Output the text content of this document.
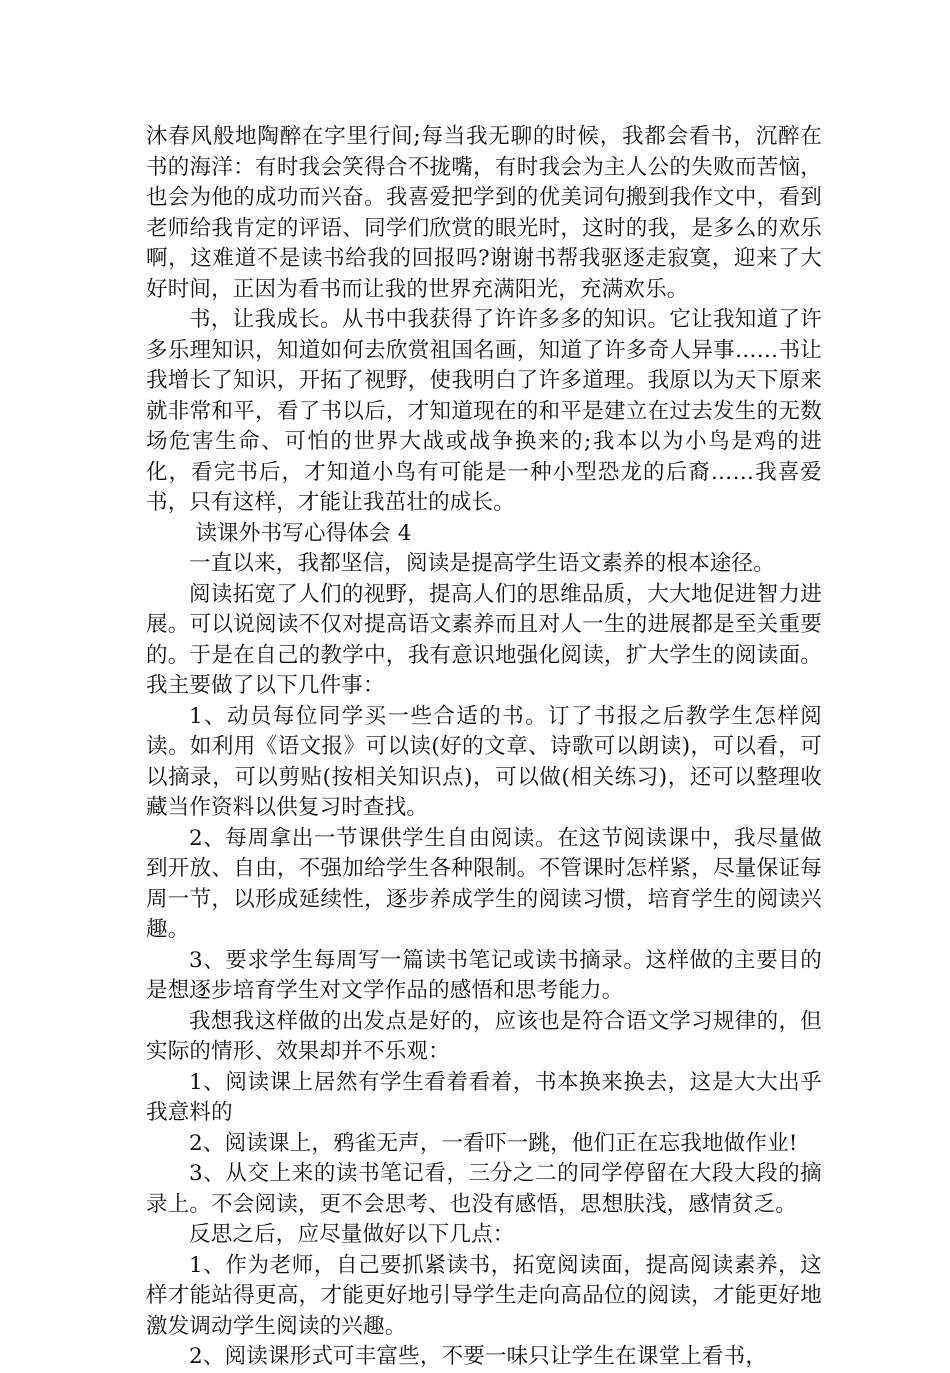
沐春风般地陶醉在字里行间;每当我无聊的时候，我都会看书，沉醉在书的海洋：有时我会笑得合不拢嘴，有时我会为主人公的失败而苦恼，也会为他的成功而兴奋。我喜爱把学到的优美词句搬到我作文中，看到老师给我肯定的评语、同学们欣赏的眼光时，这时的我，是多么的欢乐啊，这难道不是读书给我的回报吗?谢谢书帮我驱逐走寂寞，迎来了大好时间，正因为看书而让我的世界充满阳光，充满欢乐。

书，让我成长。从书中我获得了许许多多的知识。它让我知道了许多乐理知识，知道如何去欣赏祖国名画，知道了许多奇人异事……书让我增长了知识，开拓了视野，使我明白了许多道理。我原以为天下原来就非常和平，看了书以后，才知道现在的和平是建立在过去发生的无数场危害生命、可怕的世界大战或战争换来的;我本以为小鸟是鸡的进化，看完书后，才知道小鸟有可能是一种小型恐龙的后裔……我喜爱书，只有这样，才能让我茁壮的成长。

读课外书写心得体会 4

一直以来，我都坚信，阅读是提高学生语文素养的根本途径。

阅读拓宽了人们的视野，提高人们的思维品质，大大地促进智力进展。可以说阅读不仅对提高语文素养而且对人一生的进展都是至关重要的。于是在自己的教学中，我有意识地强化阅读，扩大学生的阅读面。我主要做了以下几件事：

1、动员每位同学买一些合适的书。订了书报之后教学生怎样阅读。如利用《语文报》可以读(好的文章、诗歌可以朗读)，可以看，可以摘录，可以剪贴(按相关知识点)，可以做(相关练习)，还可以整理收藏当作资料以供复习时查找。

2、每周拿出一节课供学生自由阅读。在这节阅读课中，我尽量做到开放、自由，不强加给学生各种限制。不管课时怎样紧，尽量保证每周一节，以形成延续性，逐步养成学生的阅读习惯，培育学生的阅读兴趣。

3、要求学生每周写一篇读书笔记或读书摘录。这样做的主要目的是想逐步培育学生对文学作品的感悟和思考能力。

我想我这样做的出发点是好的，应该也是符合语文学习规律的，但实际的情形、效果却并不乐观：

1、阅读课上居然有学生看着看着，书本换来换去，这是大大出乎我意料的

2、阅读课上，鸦雀无声，一看吓一跳，他们正在忘我地做作业!

3、从交上来的读书笔记看，三分之二的同学停留在大段大段的摘录上。不会阅读，更不会思考、也没有感悟，思想肤浅，感情贫乏。

反思之后，应尽量做好以下几点：

1、作为老师，自己要抓紧读书，拓宽阅读面，提高阅读素养，这样才能站得更高，才能更好地引导学生走向高品位的阅读，才能更好地激发调动学生阅读的兴趣。

2、阅读课形式可丰富些，不要一味只让学生在课堂上看书，
